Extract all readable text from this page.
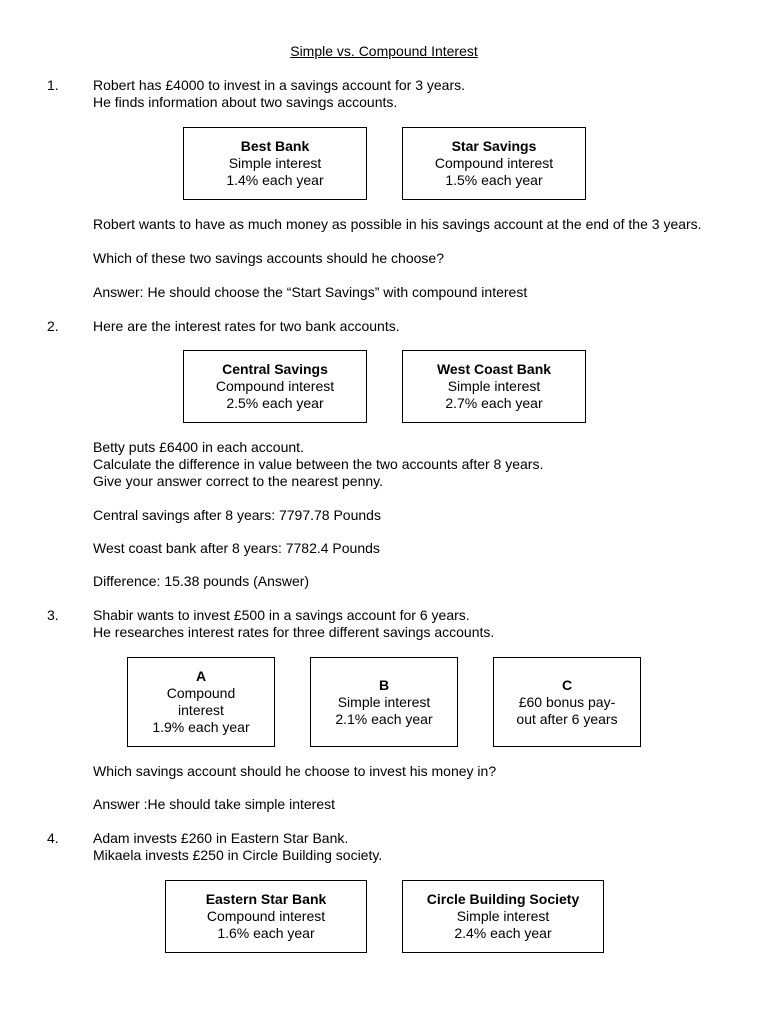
Simple vs. Compound Interest
1. Robert has £4000 to invest in a savings account for 3 years.
He finds information about two savings accounts.
Best Bank
Simple interest
1.4% each year
Star Savings
Compound interest
1.5% each year
Robert wants to have as much money as possible in his savings account at the end of the 3 years.
Which of these two savings accounts should he choose?
Answer: He should choose the “Start Savings” with compound interest
2. Here are the interest rates for two bank accounts.
Central Savings
Compound interest
2.5% each year
West Coast Bank
Simple interest
2.7% each year
Betty puts £6400 in each account.
Calculate the difference in value between the two accounts after 8 years.
Give your answer correct to the nearest penny.
Central savings after 8 years: 7797.78 Pounds
West coast bank after 8 years: 7782.4 Pounds
Difference: 15.38 pounds (Answer)
3. Shabir wants to invest £500 in a savings account for 6 years.
He researches interest rates for three different savings accounts.
A
Compound
interest
1.9% each year
B
Simple interest
2.1% each year
C
£60 bonus pay-
out after 6 years
Which savings account should he choose to invest his money in?
Answer :He should take simple interest
4. Adam invests £260 in Eastern Star Bank.
Mikaela invests £250 in Circle Building society.
Eastern Star Bank
Compound interest
1.6% each year
Circle Building Society
Simple interest
2.4% each year
